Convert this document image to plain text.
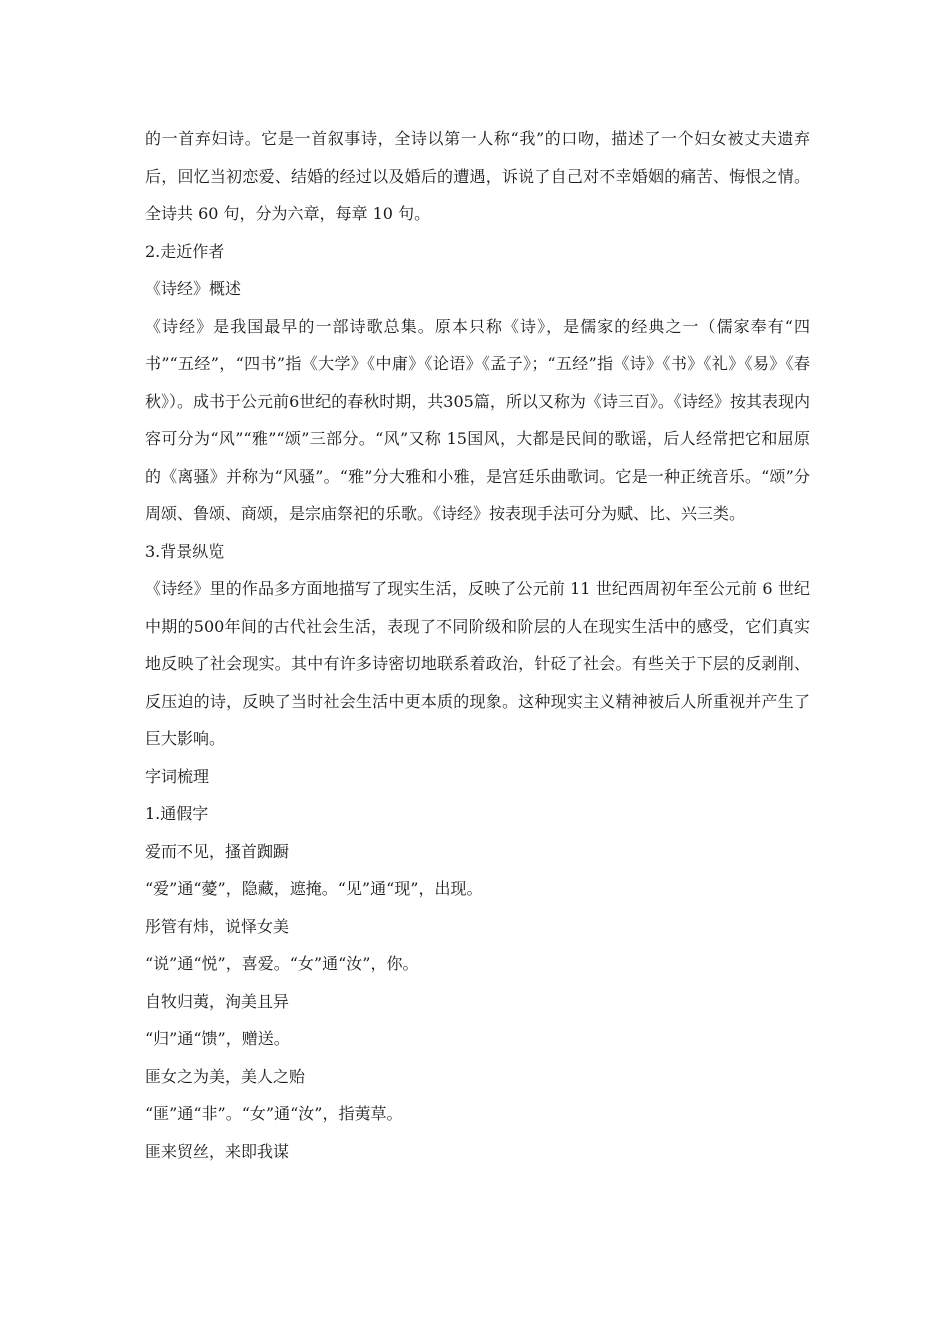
的一首弃妇诗。它是一首叙事诗，全诗以第一人称“我”的口吻，描述了一个妇女被丈夫遗弃后，回忆当初恋爱、结婚的经过以及婚后的遭遇，诉说了自己对不幸婚姻的痛苦、悔恨之情。全诗共 60 句，分为六章，每章 10 句。

2.走近作者

《诗经》概述

《诗经》是我国最早的一部诗歌总集。原本只称《诗》，是儒家的经典之一（儒家奉有“四书”“五经”，“四书”指《大学》《中庸》《论语》《孟子》；“五经”指《诗》《书》《礼》《易》《春秋》）。成书于公元前6世纪的春秋时期，共305篇，所以又称为《诗三百》。《诗经》按其表现内容可分为“风”“雅”“颂”三部分。“风”又称 15国风，大都是民间的歌谣，后人经常把它和屈原的《离骚》并称为“风骚”。“雅”分大雅和小雅，是宫廷乐曲歌词。它是一种正统音乐。“颂”分周颂、鲁颂、商颂，是宗庙祭祀的乐歌。《诗经》按表现手法可分为赋、比、兴三类。

3.背景纵览

《诗经》里的作品多方面地描写了现实生活，反映了公元前 11 世纪西周初年至公元前 6 世纪中期的500年间的古代社会生活，表现了不同阶级和阶层的人在现实生活中的感受，它们真实地反映了社会现实。其中有许多诗密切地联系着政治，针砭了社会。有些关于下层的反剥削、反压迫的诗，反映了当时社会生活中更本质的现象。这种现实主义精神被后人所重视并产生了巨大影响。

字词梳理

1.通假字

爱而不见，搔首踟蹰

“爱”通“薆”，隐藏，遮掩。“见”通“现”，出现。

彤管有炜，说怿女美

“说”通“悦”，喜爱。“女”通“汝”，你。

自牧归荑，洵美且异

“归”通“馈”，赠送。

匪女之为美，美人之贻

“匪”通“非”。“女”通“汝”，指荑草。

匪来贸丝，来即我谋
